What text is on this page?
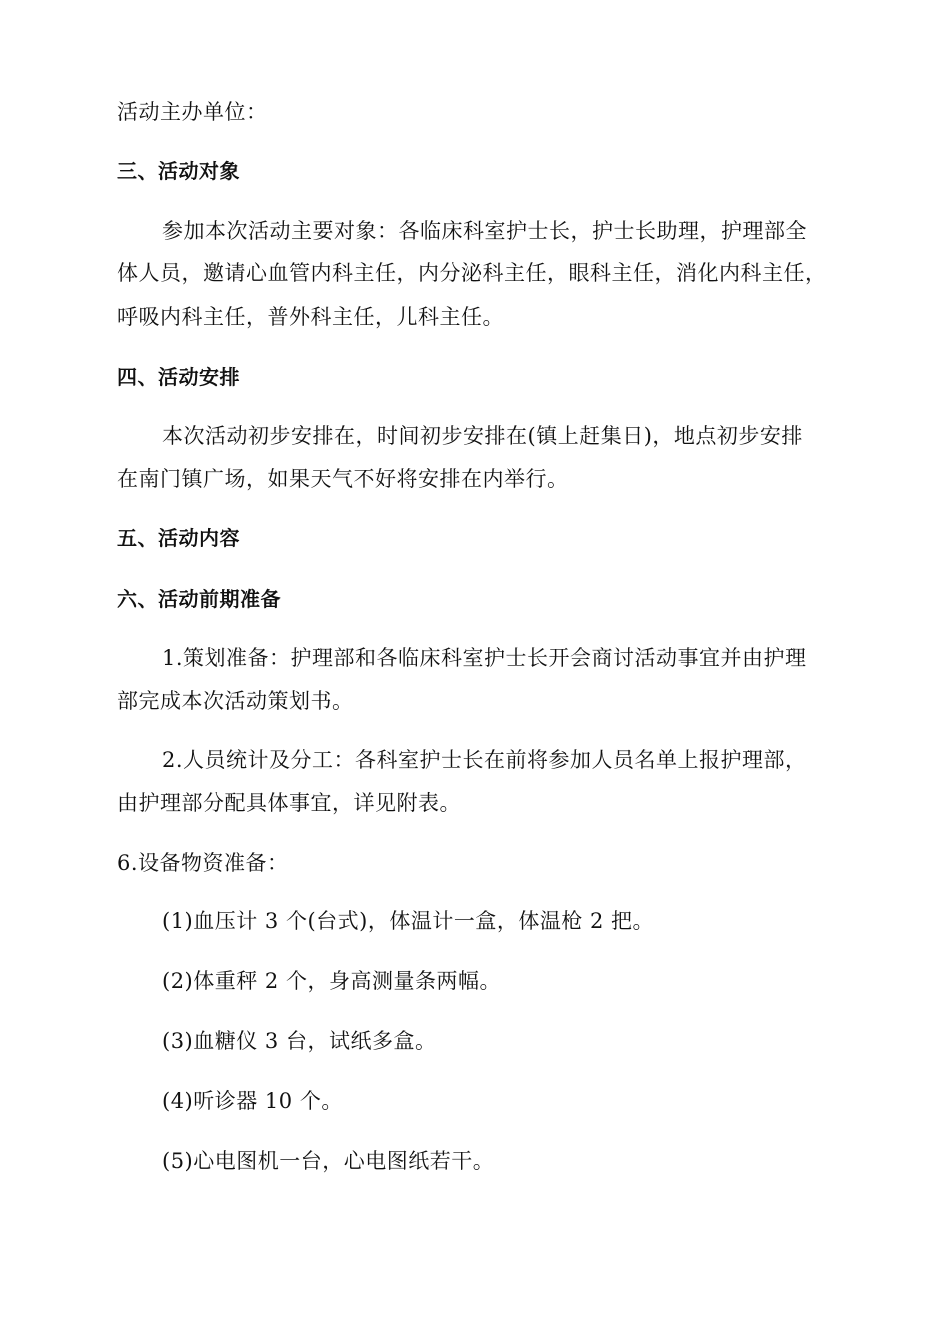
活动主办单位：
三、活动对象
参加本次活动主要对象：各临床科室护士长，护士长助理，护理部全
体人员，邀请心血管内科主任，内分泌科主任，眼科主任，消化内科主任，
呼吸内科主任，普外科主任，儿科主任。
四、活动安排
本次活动初步安排在，时间初步安排在(镇上赶集日)，地点初步安排
在南门镇广场，如果天气不好将安排在内举行。
五、活动内容
六、活动前期准备
1.策划准备：护理部和各临床科室护士长开会商讨活动事宜并由护理
部完成本次活动策划书。
2.人员统计及分工：各科室护士长在前将参加人员名单上报护理部，
由护理部分配具体事宜，详见附表。
6.设备物资准备：
(1)血压计 3 个(台式)，体温计一盒，体温枪 2 把。
(2)体重秤 2 个，身高测量条两幅。
(3)血糖仪 3 台，试纸多盒。
(4)听诊器 10 个。
(5)心电图机一台，心电图纸若干。
